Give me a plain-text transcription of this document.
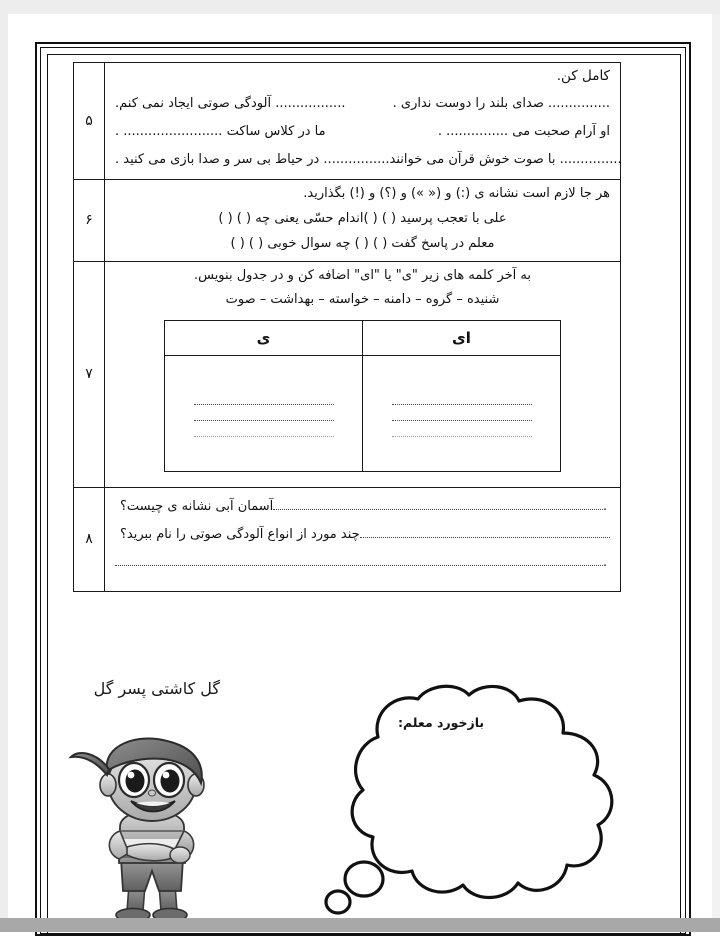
کامل کن.
................. آلودگی صوتی ایجاد نمی کنم.	............... صدای بلند را دوست نداری .
ما در کلاس ساکت ........................ .	او آرام صحبت می ............... .
............... در حیاط بی سر و صدا بازی می کنید . ............... با صوت خوش قرآن می خوانند.
	۵

هر جا لازم است نشانه ی (:) و (« ») و (؟) و (!) بگذارید.
علی با تعجب پرسید ( ) ( )اندام حسّی یعنی چه ( ) ( )
معلم در پاسخ گفت ( ) ( ) چه سوال خوبی ( ) ( )
	۶

به آخر کلمه های زیر "ی" یا "ای" اضافه کن و در جدول بنویس.
شنیده – گروه – دامنه – خواسته – بهداشت – صوت
ای	ی

	۷

آسمان آبی نشانه ی چیست؟	.
چند مورد از انواع آلودگی صوتی را نام ببرید؟
.
	۸
گل کاشتی پسر گل
بازخورد معلم:
